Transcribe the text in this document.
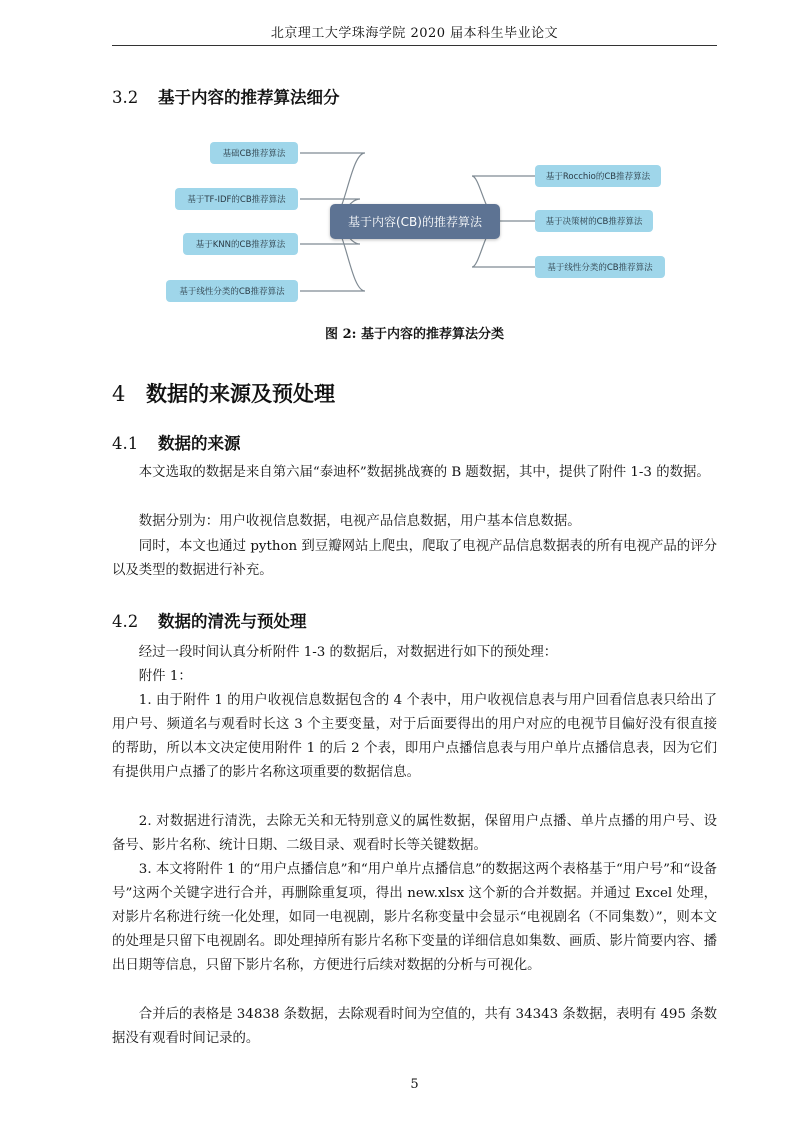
北京理工大学珠海学院 2020 届本科生毕业论文
3.2 基于内容的推荐算法细分
基础CB推荐算法
基于TF-IDF的CB推荐算法
基于KNN的CB推荐算法
基于线性分类的CB推荐算法
基于内容(CB)的推荐算法
基于Rocchio的CB推荐算法
基于决策树的CB推荐算法
基于线性分类的CB推荐算法
图 2: 基于内容的推荐算法分类
4 数据的来源及预处理
4.1 数据的来源

本文选取的数据是来自第六届“泰迪杯”数据挑战赛的 B 题数据，其中，提供了附件 1-3 的数据。

数据分别为：用户收视信息数据，电视产品信息数据，用户基本信息数据。

同时，本文也通过 python 到豆瓣网站上爬虫，爬取了电视产品信息数据表的所有电视产品的评分以及类型的数据进行补充。

4.2 数据的清洗与预处理

经过一段时间认真分析附件 1-3 的数据后，对数据进行如下的预处理：

附件 1：

1. 由于附件 1 的用户收视信息数据包含的 4 个表中，用户收视信息表与用户回看信息表只给出了用户号、频道名与观看时长这 3 个主要变量，对于后面要得出的用户对应的电视节目偏好没有很直接的帮助，所以本文决定使用附件 1 的后 2 个表，即用户点播信息表与用户单片点播信息表，因为它们有提供用户点播了的影片名称这项重要的数据信息。

2. 对数据进行清洗，去除无关和无特别意义的属性数据，保留用户点播、单片点播的用户号、设备号、影片名称、统计日期、二级目录、观看时长等关键数据。

3. 本文将附件 1 的“用户点播信息”和“用户单片点播信息”的数据这两个表格基于“用户号”和“设备号”这两个关键字进行合并，再删除重复项，得出 new.xlsx 这个新的合并数据。并通过 Excel 处理，对影片名称进行统一化处理，如同一电视剧，影片名称变量中会显示“电视剧名（不同集数）”，则本文的处理是只留下电视剧名。即处理掉所有影片名称下变量的详细信息如集数、画质、影片简要内容、播出日期等信息，只留下影片名称，方便进行后续对数据的分析与可视化。

合并后的表格是 34838 条数据，去除观看时间为空值的，共有 34343 条数据，表明有 495 条数据没有观看时间记录的。

5
